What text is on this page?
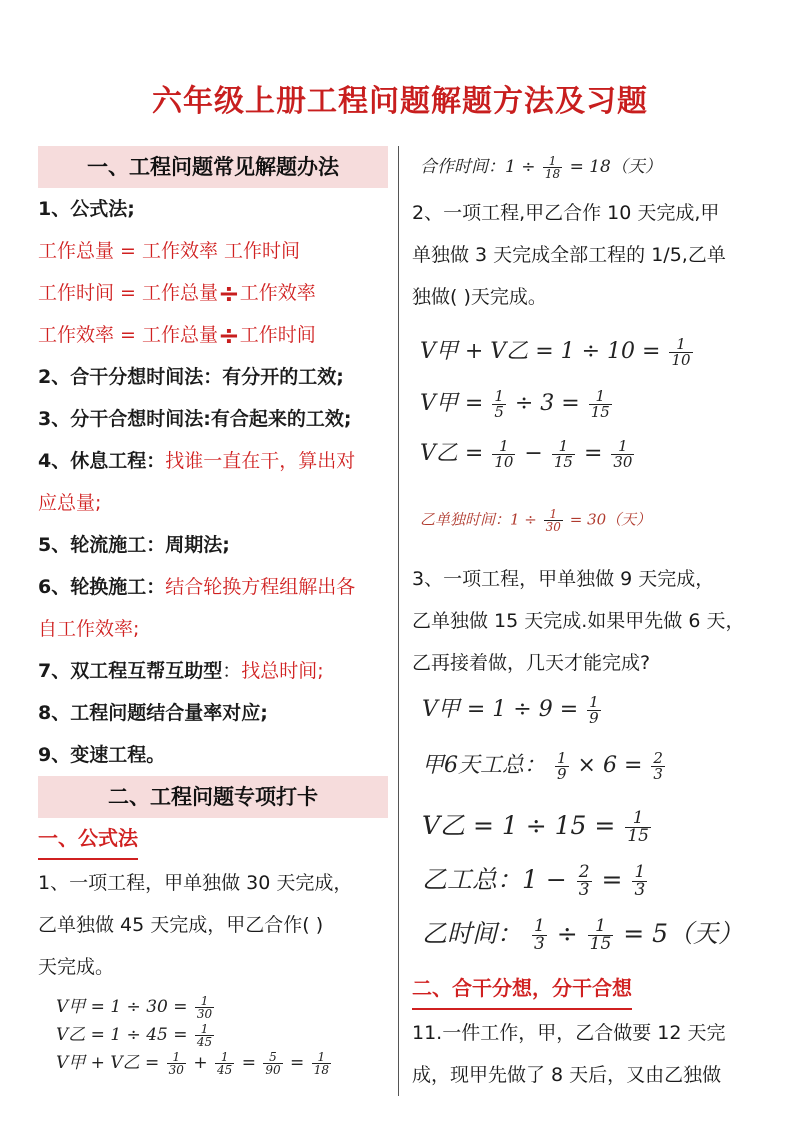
六年级上册工程问题解题方法及习题
一、工程问题常见解题办法
1、公式法;
工作总量 = 工作效率 工作时间
工作时间 = 工作总量÷工作效率
工作效率 = 工作总量÷工作时间
2、合干分想时间法：有分开的工效;
3、分干合想时间法:有合起来的工效;
4、休息工程：找谁一直在干，算出对
应总量;
5、轮流施工：周期法;
6、轮换施工：结合轮换方程组解出各
自工作效率;
7、双工程互帮互助型：找总时间;
8、工程问题结合量率对应;
9、变速工程。
二、工程问题专项打卡
一、公式法
1、一项工程，甲单独做 30 天完成，
乙单独做 45 天完成，甲乙合作( )
天完成。
V甲 = $1 \div 30 = \frac{1}{30}$
V乙 = $1 \div 45 = \frac{1}{45}$
V甲 + V乙 = $\frac{1}{30} + \frac{1}{45} = \frac{5}{90} = \frac{1}{18}$
合作时间：$1 \div \frac{1}{18} = 18$（天）
2、一项工程,甲乙合作 10 天完成,甲
单独做 3 天完成全部工程的 1/5,乙单
独做( )天完成。
V甲 + V乙 = $1 \div 10 = \frac{1}{10}$
V甲 = $\frac{1}{5} \div 3 = \frac{1}{15}$
V乙 = $\frac{1}{10} - \frac{1}{15} = \frac{1}{30}$
乙单独时间：$1 \div \frac{1}{30} = 30$（天）
3、一项工程，甲单独做 9 天完成，
乙单独做 15 天完成.如果甲先做 6 天，
乙再接着做，几天才能完成?
V甲 = $1 \div 9 = \frac{1}{9}$
甲6天工总： $\frac{1}{9} \times 6 = \frac{2}{3}$
V乙 = $1 \div 15 = \frac{1}{15}$
乙工总：$1 - \frac{2}{3} = \frac{1}{3}$
乙时间： $\frac{1}{3} \div \frac{1}{15} = 5$（天）
二、合干分想，分干合想
11.一件工作，甲，乙合做要 12 天完
成，现甲先做了 8 天后，又由乙独做
